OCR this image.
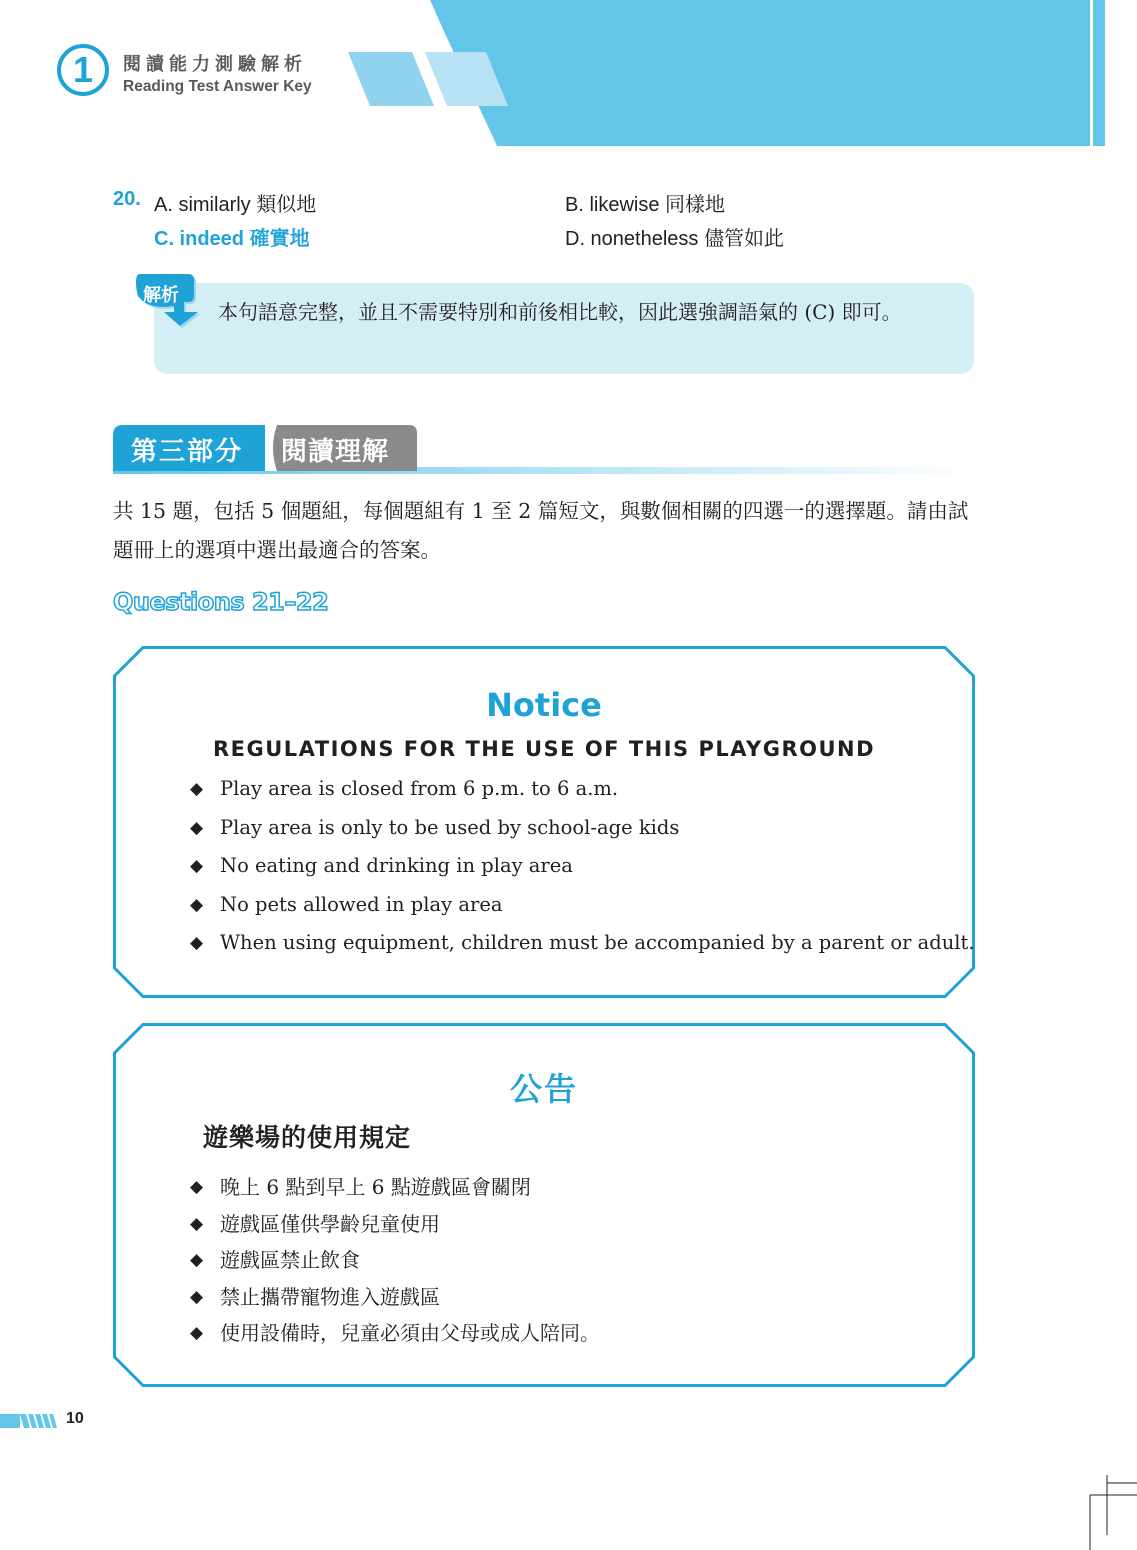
1	閱讀能力測驗解析
Reading Test Answer Key
20. A. similarly 類似地	B. likewise 同樣地
C. indeed 確實地	D. nonetheless 儘管如此
解析
本句語意完整，並且不需要特別和前後相比較，因此選強調語氣的 (C) 即可。
第三部分 閱讀理解
共 15 題，包括 5 個題組，每個題組有 1 至 2 篇短文，與數個相關的四選一的選擇題。請由試題冊上的選項中選出最適合的答案。
Questions 21–22
Notice
REGULATIONS FOR THE USE OF THIS PLAYGROUND
◆ Play area is closed from 6 p.m. to 6 a.m.
◆ Play area is only to be used by school-age kids
◆ No eating and drinking in play area
◆ No pets allowed in play area
◆ When using equipment, children must be accompanied by a parent or adult.
公告
遊樂場的使用規定
◆ 晚上 6 點到早上 6 點遊戲區會關閉
◆ 遊戲區僅供學齡兒童使用
◆ 遊戲區禁止飲食
◆ 禁止攜帶寵物進入遊戲區
◆ 使用設備時，兒童必須由父母或成人陪同。
10
